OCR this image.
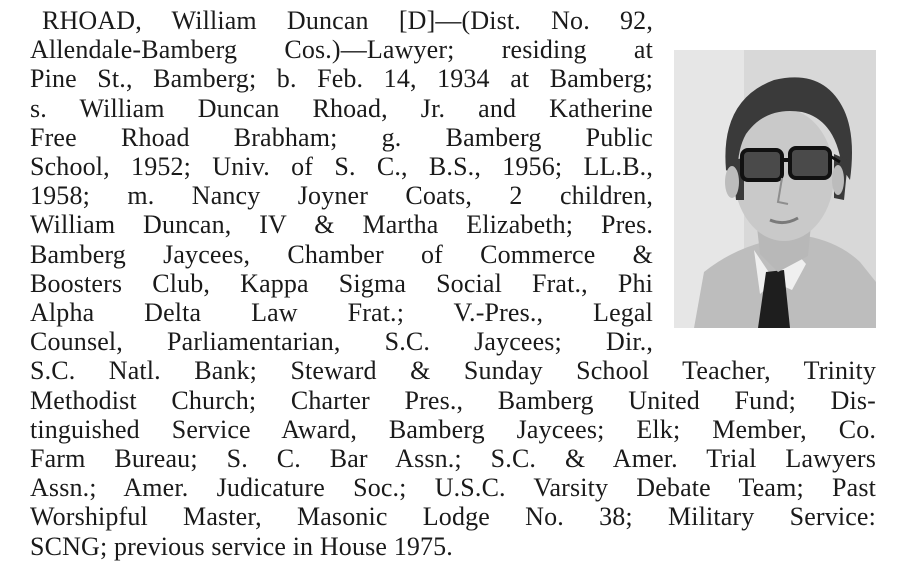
RHOAD, William Duncan [D]—(Dist. No. 92,
Allendale-Bamberg Cos.)—Lawyer; residing at
Pine St., Bamberg; b. Feb. 14, 1934 at Bamberg;
s. William Duncan Rhoad, Jr. and Katherine
Free Rhoad Brabham; g. Bamberg Public
School, 1952; Univ. of S. C., B.S., 1956; LL.B.,
1958; m. Nancy Joyner Coats, 2 children,
William Duncan, IV & Martha Elizabeth; Pres.
Bamberg Jaycees, Chamber of Commerce &
Boosters Club, Kappa Sigma Social Frat., Phi
Alpha Delta Law Frat.; V.-Pres., Legal
Counsel, Parliamentarian, S.C. Jaycees; Dir.,
S.C. Natl. Bank; Steward & Sunday School Teacher, Trinity
Methodist Church; Charter Pres., Bamberg United Fund; Dis-
tinguished Service Award, Bamberg Jaycees; Elk; Member, Co.
Farm Bureau; S. C. Bar Assn.; S.C. & Amer. Trial Lawyers
Assn.; Amer. Judicature Soc.; U.S.C. Varsity Debate Team; Past
Worshipful Master, Masonic Lodge No. 38; Military Service:
SCNG; previous service in House 1975.
